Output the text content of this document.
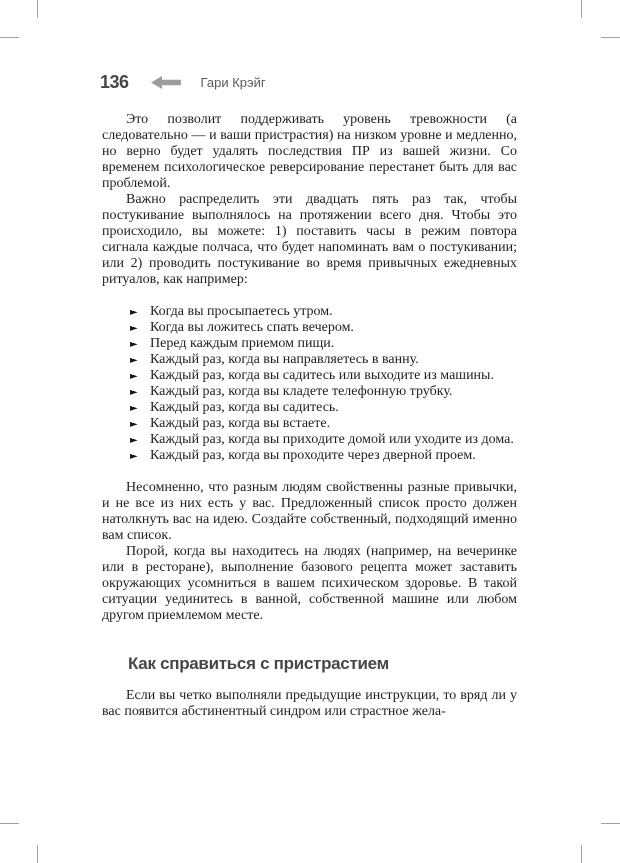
136	Гари Крэйг

Это позволит поддерживать уровень тревожности (а следовательно — и ваши пристрастия) на низком уровне и медленно, но верно будет удалять последствия ПР из вашей жизни. Со временем психологическое реверсирование перестанет быть для вас проблемой.

Важно распределить эти двадцать пять раз так, чтобы постукивание выполнялось на протяжении всего дня. Чтобы это происходило, вы можете: 1) поставить часы в режим повтора сигнала каждые полчаса, что будет напоминать вам о постукивании; или 2) проводить постукивание во время привычных ежедневных ритуалов, как например:

► Когда вы просыпаетесь утром.
► Когда вы ложитесь спать вечером.
► Перед каждым приемом пищи.
► Каждый раз, когда вы направляетесь в ванну.
► Каждый раз, когда вы садитесь или выходите из машины.
► Каждый раз, когда вы кладете телефонную трубку.
► Каждый раз, когда вы садитесь.
► Каждый раз, когда вы встаете.
► Каждый раз, когда вы приходите домой или уходите из дома.
► Каждый раз, когда вы проходите через дверной проем.

Несомненно, что разным людям свойственны разные привычки, и не все из них есть у вас. Предложенный список просто должен натолкнуть вас на идею. Создайте собственный, подходящий именно вам список.

Порой, когда вы находитесь на людях (например, на вечеринке или в ресторане), выполнение базового рецепта может заставить окружающих усомниться в вашем психическом здоровье. В такой ситуации уединитесь в ванной, собственной машине или любом другом приемлемом месте.

Как справиться с пристрастием

Если вы четко выполняли предыдущие инструкции, то вряд ли у вас появится абстинентный синдром или страстное жела-
